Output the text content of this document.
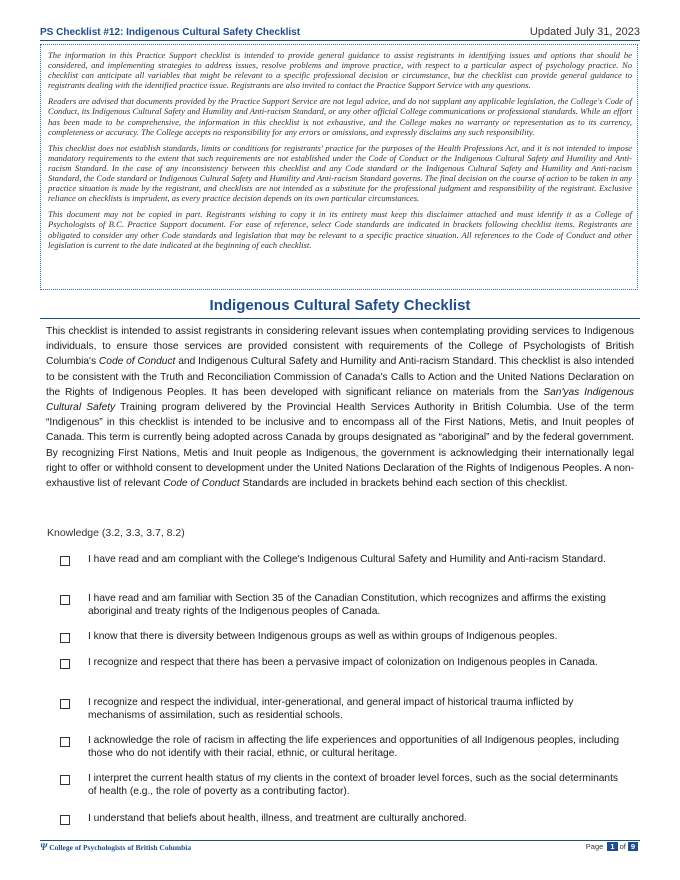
PS Checklist #12: Indigenous Cultural Safety Checklist	Updated July 31, 2023

The information in this Practice Support checklist is intended to provide general guidance to assist registrants in identifying issues and options that should be considered, and implementing strategies to address issues, resolve problems and improve practice, with respect to a particular aspect of psychology practice. No checklist can anticipate all variables that might be relevant to a specific professional decision or circumstance, but the checklist can provide general guidance to registrants dealing with the identified practice issue. Registrants are also invited to contact the Practice Support Service with any questions.

Readers are advised that documents provided by the Practice Support Service are not legal advice, and do not supplant any applicable legislation, the College's Code of Conduct, its Indigenous Cultural Safety and Humility and Anti-racism Standard, or any other official College communications or professional standards. While an effort has been made to be comprehensive, the information in this checklist is not exhaustive, and the College makes no warranty or representation as to its currency, completeness or accuracy. The College accepts no responsibility for any errors or omissions, and expressly disclaims any such responsibility.

This checklist does not establish standards, limits or conditions for registrants' practice for the purposes of the Health Professions Act, and it is not intended to impose mandatory requirements to the extent that such requirements are not established under the Code of Conduct or the Indigenous Cultural Safety and Humility and Anti-racism Standard. In the case of any inconsistency between this checklist and any Code standard or the Indigenous Cultural Safety and Humility and Anti-racism Standard, the Code standard or Indigenous Cultural Safety and Humility and Anti-racism Standard governs. The final decision on the course of action to be taken in any practice situation is made by the registrant, and checklists are not intended as a substitute for the professional judgment and responsibility of the registrant. Exclusive reliance on checklists is imprudent, as every practice decision depends on its own particular circumstances.

This document may not be copied in part. Registrants wishing to copy it in its entirety must keep this disclaimer attached and must identify it as a College of Psychologists of B.C. Practice Support document. For ease of reference, select Code standards are indicated in brackets following checklist items. Registrants are obligated to consider any other Code standards and legislation that may be relevant to a specific practice situation. All references to the Code of Conduct and other legislation is current to the date indicated at the beginning of each checklist.

Indigenous Cultural Safety Checklist

This checklist is intended to assist registrants in considering relevant issues when contemplating providing services to Indigenous individuals, to ensure those services are provided consistent with requirements of the College of Psychologists of British Columbia's Code of Conduct and Indigenous Cultural Safety and Humility and Anti-racism Standard. This checklist is also intended to be consistent with the Truth and Reconciliation Commission of Canada's Calls to Action and the United Nations Declaration on the Rights of Indigenous Peoples. It has been developed with significant reliance on materials from the San'yas Indigenous Cultural Safety Training program delivered by the Provincial Health Services Authority in British Columbia. Use of the term “Indigenous” in this checklist is intended to be inclusive and to encompass all of the First Nations, Metis, and Inuit peoples of Canada. This term is currently being adopted across Canada by groups designated as “aboriginal” and by the federal government. By recognizing First Nations, Metis and Inuit people as Indigenous, the government is acknowledging their internationally legal right to offer or withhold consent to development under the United Nations Declaration of the Rights of Indigenous Peoples. A non-exhaustive list of relevant Code of Conduct Standards are included in brackets behind each section of this checklist.

Knowledge (3.2, 3.3, 3.7, 8.2)
I have read and am compliant with the College's Indigenous Cultural Safety and Humility and Anti-racism Standard.
I have read and am familiar with Section 35 of the Canadian Constitution, which recognizes and affirms the existing aboriginal and treaty rights of the Indigenous peoples of Canada.
I know that there is diversity between Indigenous groups as well as within groups of Indigenous peoples.
I recognize and respect that there has been a pervasive impact of colonization on Indigenous peoples in Canada.
I recognize and respect the individual, inter-generational, and general impact of historical trauma inflicted by mechanisms of assimilation, such as residential schools.
I acknowledge the role of racism in affecting the life experiences and opportunities of all Indigenous peoples, including those who do not identify with their racial, ethnic, or cultural heritage.
I interpret the current health status of my clients in the context of broader level forces, such as the social determinants of health (e.g., the role of poverty as a contributing factor).
I understand that beliefs about health, illness, and treatment are culturally anchored.
Ψ College of Psychologists of British Columbia	Page 1 of 9
